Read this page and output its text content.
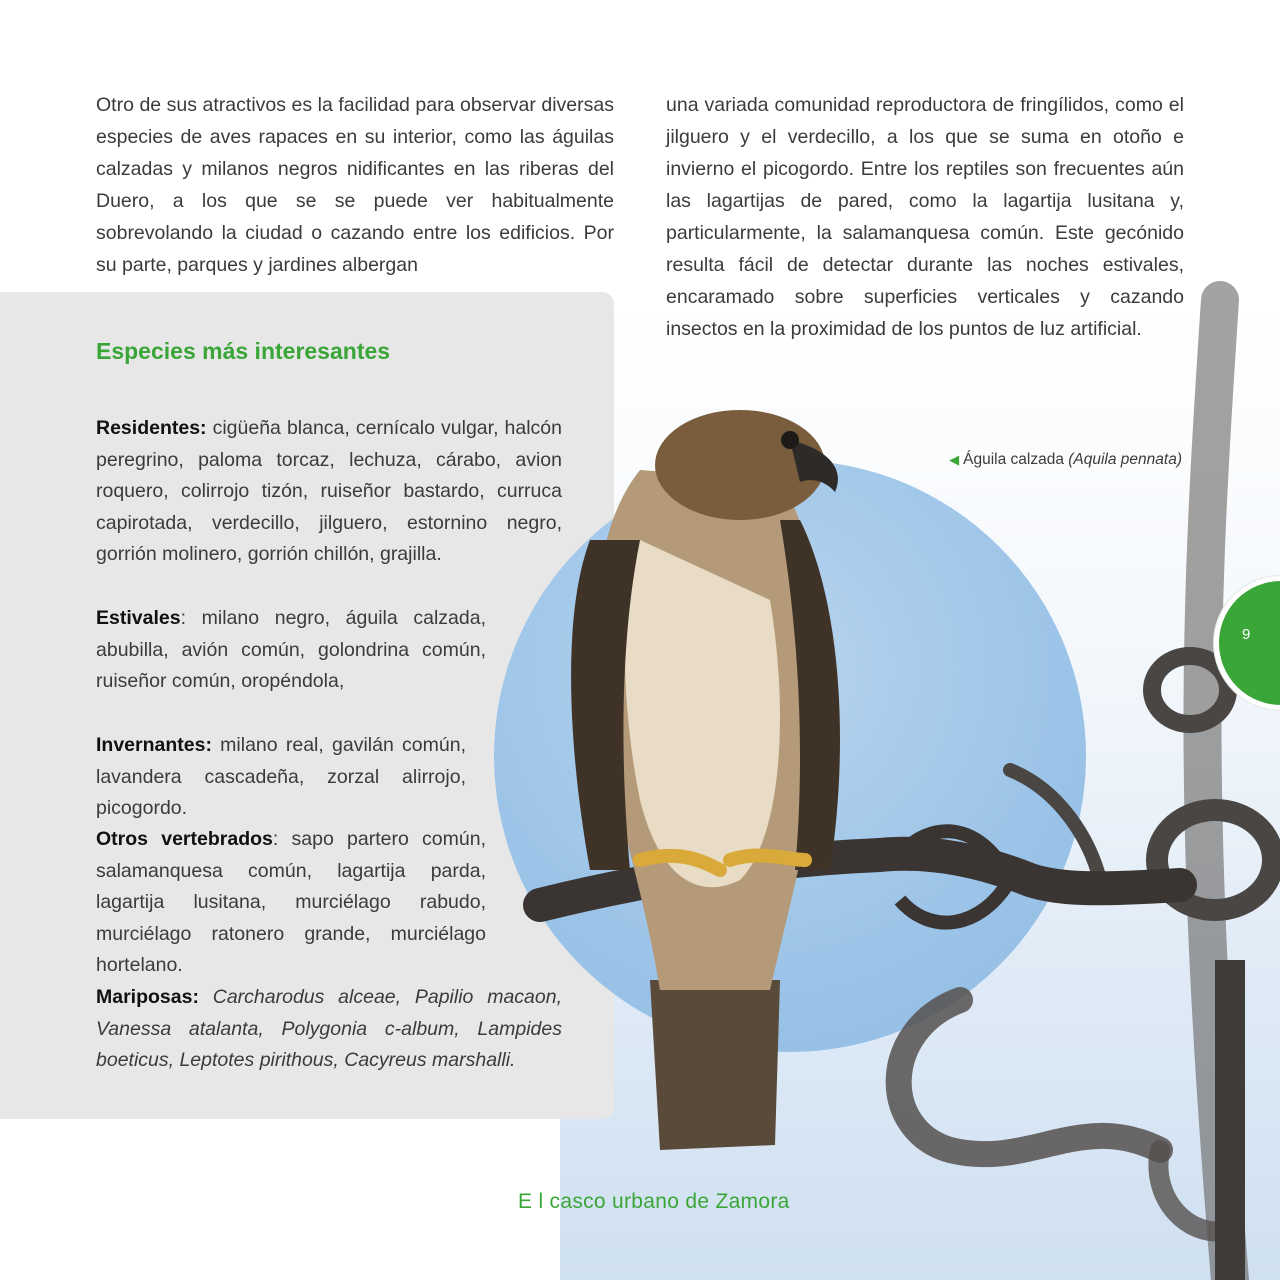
Otro de sus atractivos es la facilidad para observar diversas especies de aves rapaces en su interior, como las águilas calzadas y milanos negros nidificantes en las riberas del Duero, a los que se se puede ver habitualmente sobrevolando la ciudad o cazando entre los edificios. Por su parte, parques y jardines albergan
una variada comunidad reproductora de fringílidos, como el jilguero y el verdecillo, a los que se suma en otoño e invierno el picogordo. Entre los reptiles son frecuentes aún las lagartijas de pared, como la lagartija lusitana y, particularmente, la salamanquesa común. Este gecónido resulta fácil de detectar durante las noches estivales, encaramado sobre superficies verticales y cazando insectos en la proximidad de los puntos de luz artificial.
Especies más interesantes
Residentes: cigüeña blanca, cernícalo vulgar, halcón peregrino, paloma torcaz, lechuza, cárabo, avion roquero, colirrojo tizón, ruiseñor bastardo, curruca capirotada, verdecillo, jilguero, estornino negro, gorrión molinero, gorrión chillón, grajilla.
Estivales: milano negro, águila calzada, abubilla, avión común, golondrina común, ruiseñor común, oropéndola,
Invernantes: milano real, gavilán común, lavandera cascadeña, zorzal alirrojo, picogordo.
Otros vertebrados: sapo partero común, salamanquesa común, lagartija parda, lagartija lusitana, murciélago rabudo, murciélago ratonero grande, murciélago hortelano.
Mariposas: Carcharodus alceae, Papilio macaon, Vanessa atalanta, Polygonia c-album, Lampides boeticus, Leptotes pirithous, Cacyreus marshalli.
◀ Águila calzada (Aquila pennata)
9
E l casco urbano de Zamora
